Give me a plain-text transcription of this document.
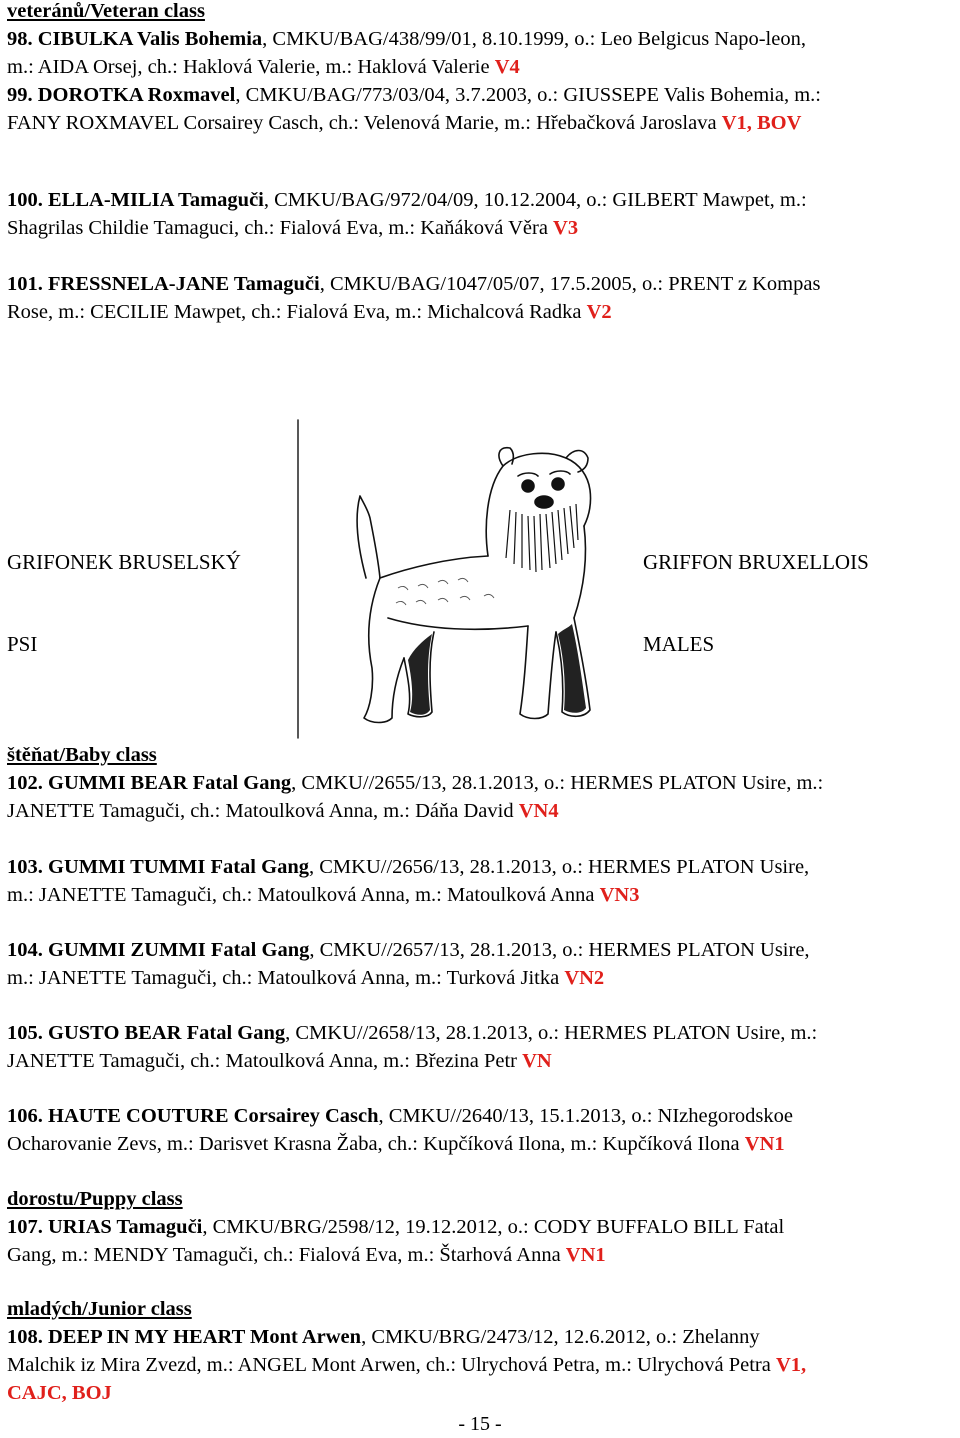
veteránů/Veteran class
98. CIBULKA Valis Bohemia, CMKU/BAG/438/99/01, 8.10.1999, o.: Leo Belgicus Napo-leon,
m.: AIDA Orsej, ch.: Haklová Valerie, m.: Haklová Valerie V4
99. DOROTKA Roxmavel, CMKU/BAG/773/03/04, 3.7.2003, o.: GIUSSEPE Valis Bohemia, m.:
FANY ROXMAVEL Corsairey Casch, ch.: Velenová Marie, m.: Hřebačková Jaroslava V1, BOV
100. ELLA-MILIA Tamaguči, CMKU/BAG/972/04/09, 10.12.2004, o.: GILBERT Mawpet, m.:
Shagrilas Childie Tamaguci, ch.: Fialová Eva, m.: Kaňáková Věra V3
101. FRESSNELA-JANE Tamaguči, CMKU/BAG/1047/05/07, 17.5.2005, o.: PRENT z Kompas
Rose, m.: CECILIE Mawpet, ch.: Fialová Eva, m.: Michalcová Radka V2
GRIFONEK BRUSELSKÝ	GRIFFON BRUXELLOIS
PSI	MALES
štěňat/Baby class
102. GUMMI BEAR Fatal Gang, CMKU//2655/13, 28.1.2013, o.: HERMES PLATON Usire, m.:
JANETTE Tamaguči, ch.: Matoulková Anna, m.: Dáňa David VN4
103. GUMMI TUMMI Fatal Gang, CMKU//2656/13, 28.1.2013, o.: HERMES PLATON Usire,
m.: JANETTE Tamaguči, ch.: Matoulková Anna, m.: Matoulková Anna VN3
104. GUMMI ZUMMI Fatal Gang, CMKU//2657/13, 28.1.2013, o.: HERMES PLATON Usire,
m.: JANETTE Tamaguči, ch.: Matoulková Anna, m.: Turková Jitka VN2
105. GUSTO BEAR Fatal Gang, CMKU//2658/13, 28.1.2013, o.: HERMES PLATON Usire, m.:
JANETTE Tamaguči, ch.: Matoulková Anna, m.: Březina Petr VN
106. HAUTE COUTURE Corsairey Casch, CMKU//2640/13, 15.1.2013, o.: NIzhegorodskoe
Ocharovanie Zevs, m.: Darisvet Krasna Žaba, ch.: Kupčíková Ilona, m.: Kupčíková Ilona VN1
dorostu/Puppy class
107. URIAS Tamaguči, CMKU/BRG/2598/12, 19.12.2012, o.: CODY BUFFALO BILL Fatal
Gang, m.: MENDY Tamaguči, ch.: Fialová Eva, m.: Štarhová Anna VN1
mladých/Junior class
108. DEEP IN MY HEART Mont Arwen, CMKU/BRG/2473/12, 12.6.2012, o.: Zhelanny
Malchik iz Mira Zvezd, m.: ANGEL Mont Arwen, ch.: Ulrychová Petra, m.: Ulrychová Petra V1,
CAJC, BOJ
- 15 -
